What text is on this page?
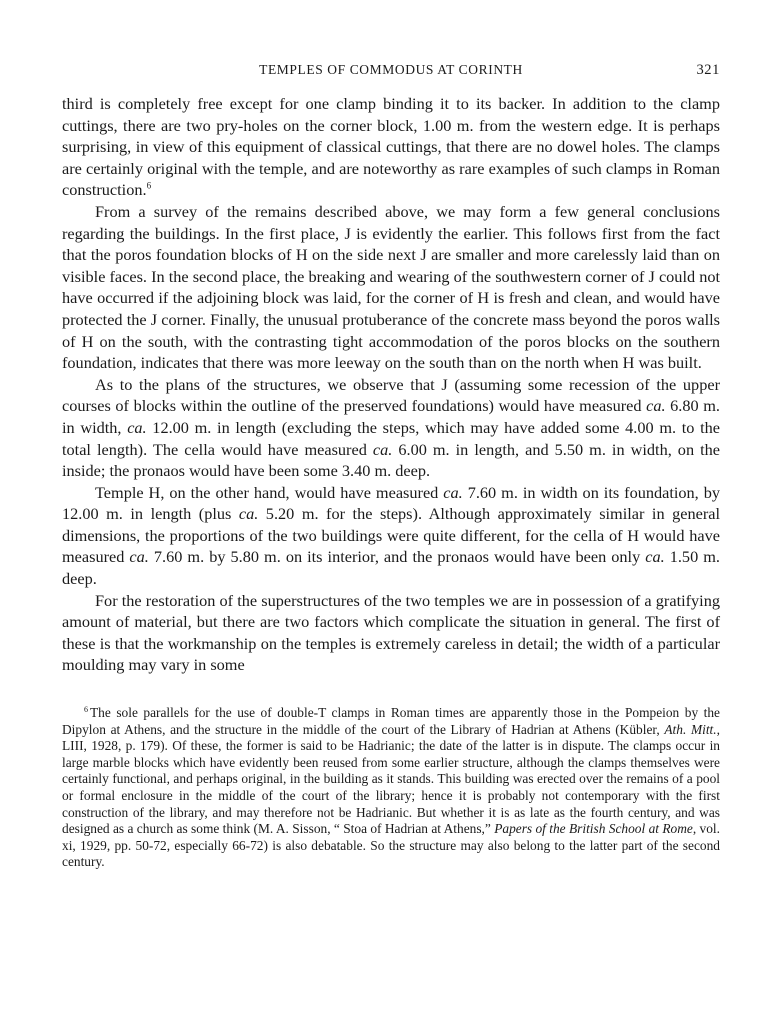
TEMPLES OF COMMODUS AT CORINTH	321

third is completely free except for one clamp binding it to its backer. In addition to the clamp cuttings, there are two pry-holes on the corner block, 1.00 m. from the western edge. It is perhaps surprising, in view of this equipment of classical cuttings, that there are no dowel holes. The clamps are certainly original with the temple, and are noteworthy as rare examples of such clamps in Roman construction.$^6$

From a survey of the remains described above, we may form a few general conclusions regarding the buildings. In the first place, J is evidently the earlier. This follows first from the fact that the poros foundation blocks of H on the side next J are smaller and more carelessly laid than on visible faces. In the second place, the breaking and wearing of the southwestern corner of J could not have occurred if the adjoining block was laid, for the corner of H is fresh and clean, and would have protected the J corner. Finally, the unusual protuberance of the concrete mass beyond the poros walls of H on the south, with the contrasting tight accommodation of the poros blocks on the southern foundation, indicates that there was more leeway on the south than on the north when H was built.

As to the plans of the structures, we observe that J (assuming some recession of the upper courses of blocks within the outline of the preserved foundations) would have measured ca. 6.80 m. in width, ca. 12.00 m. in length (excluding the steps, which may have added some 4.00 m. to the total length). The cella would have measured ca. 6.00 m. in length, and 5.50 m. in width, on the inside; the pronaos would have been some 3.40 m. deep.

Temple H, on the other hand, would have measured ca. 7.60 m. in width on its foundation, by 12.00 m. in length (plus ca. 5.20 m. for the steps). Although approximately similar in general dimensions, the proportions of the two buildings were quite different, for the cella of H would have measured ca. 7.60 m. by 5.80 m. on its interior, and the pronaos would have been only ca. 1.50 m. deep.

For the restoration of the superstructures of the two temples we are in possession of a gratifying amount of material, but there are two factors which complicate the situation in general. The first of these is that the workmanship on the temples is extremely careless in detail; the width of a particular moulding may vary in some

$^6$ The sole parallels for the use of double-T clamps in Roman times are apparently those in the Pompeion by the Dipylon at Athens, and the structure in the middle of the court of the Library of Hadrian at Athens (Kübler, Ath. Mitt., LIII, 1928, p. 179). Of these, the former is said to be Hadrianic; the date of the latter is in dispute. The clamps occur in large marble blocks which have evidently been reused from some earlier structure, although the clamps themselves were certainly functional, and perhaps original, in the building as it stands. This building was erected over the remains of a pool or formal enclosure in the middle of the court of the library; hence it is probably not contemporary with the first construction of the library, and may therefore not be Hadrianic. But whether it is as late as the fourth century, and was designed as a church as some think (M. A. Sisson, “ Stoa of Hadrian at Athens,” Papers of the British School at Rome, vol. xi, 1929, pp. 50-72, especially 66-72) is also debatable. So the structure may also belong to the latter part of the second century.
